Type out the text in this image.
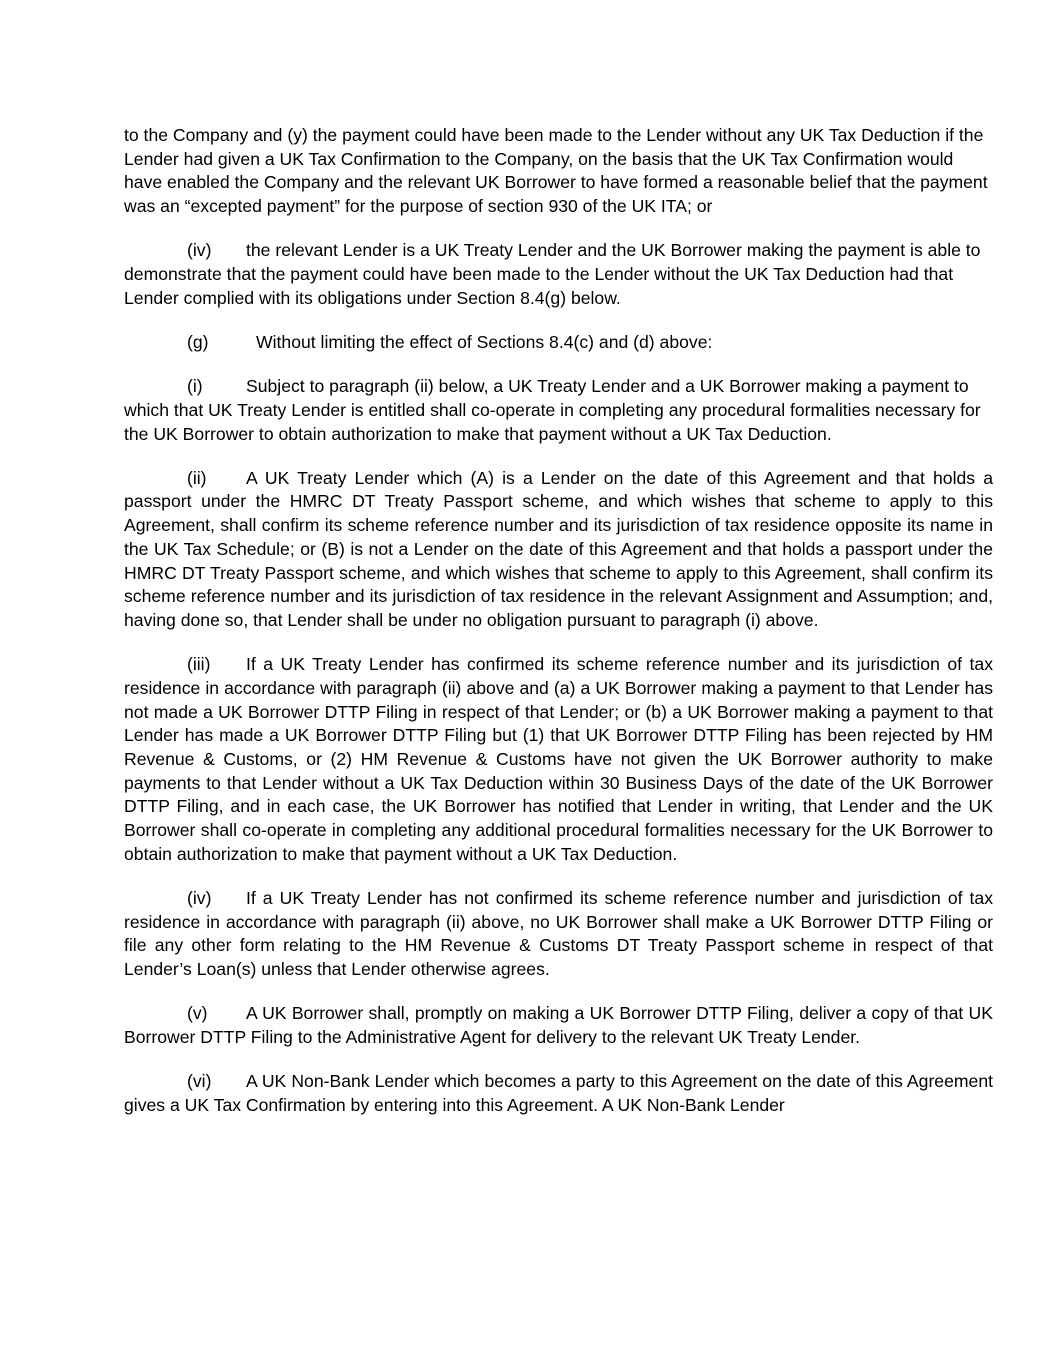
to the Company and (y) the payment could have been made to the Lender without any UK Tax Deduction if the Lender had given a UK Tax Confirmation to the Company, on the basis that the UK Tax Confirmation would have enabled the Company and the relevant UK Borrower to have formed a reasonable belief that the payment was an “excepted payment” for the purpose of section 930 of the UK ITA; or

(iv) the relevant Lender is a UK Treaty Lender and the UK Borrower making the payment is able to demonstrate that the payment could have been made to the Lender without the UK Tax Deduction had that Lender complied with its obligations under Section 8.4(g) below.

(g)	Without limiting the effect of Sections 8.4(c) and (d) above:

(i) Subject to paragraph (ii) below, a UK Treaty Lender and a UK Borrower making a payment to which that UK Treaty Lender is entitled shall co-operate in completing any procedural formalities necessary for the UK Borrower to obtain authorization to make that payment without a UK Tax Deduction.

(ii) A UK Treaty Lender which (A) is a Lender on the date of this Agreement and that holds a passport under the HMRC DT Treaty Passport scheme, and which wishes that scheme to apply to this Agreement, shall confirm its scheme reference number and its jurisdiction of tax residence opposite its name in the UK Tax Schedule; or (B) is not a Lender on the date of this Agreement and that holds a passport under the HMRC DT Treaty Passport scheme, and which wishes that scheme to apply to this Agreement, shall confirm its scheme reference number and its jurisdiction of tax residence in the relevant Assignment and Assumption; and, having done so, that Lender shall be under no obligation pursuant to paragraph (i) above.

(iii) If a UK Treaty Lender has confirmed its scheme reference number and its jurisdiction of tax residence in accordance with paragraph (ii) above and (a) a UK Borrower making a payment to that Lender has not made a UK Borrower DTTP Filing in respect of that Lender; or (b) a UK Borrower making a payment to that Lender has made a UK Borrower DTTP Filing but (1) that UK Borrower DTTP Filing has been rejected by HM Revenue & Customs, or (2) HM Revenue & Customs have not given the UK Borrower authority to make payments to that Lender without a UK Tax Deduction within 30 Business Days of the date of the UK Borrower DTTP Filing, and in each case, the UK Borrower has notified that Lender in writing, that Lender and the UK Borrower shall co-operate in completing any additional procedural formalities necessary for the UK Borrower to obtain authorization to make that payment without a UK Tax Deduction.

(iv) If a UK Treaty Lender has not confirmed its scheme reference number and jurisdiction of tax residence in accordance with paragraph (ii) above, no UK Borrower shall make a UK Borrower DTTP Filing or file any other form relating to the HM Revenue & Customs DT Treaty Passport scheme in respect of that Lender’s Loan(s) unless that Lender otherwise agrees.

(v) A UK Borrower shall, promptly on making a UK Borrower DTTP Filing, deliver a copy of that UK Borrower DTTP Filing to the Administrative Agent for delivery to the relevant UK Treaty Lender.

(vi) A UK Non-Bank Lender which becomes a party to this Agreement on the date of this Agreement gives a UK Tax Confirmation by entering into this Agreement. A UK Non-Bank Lender
